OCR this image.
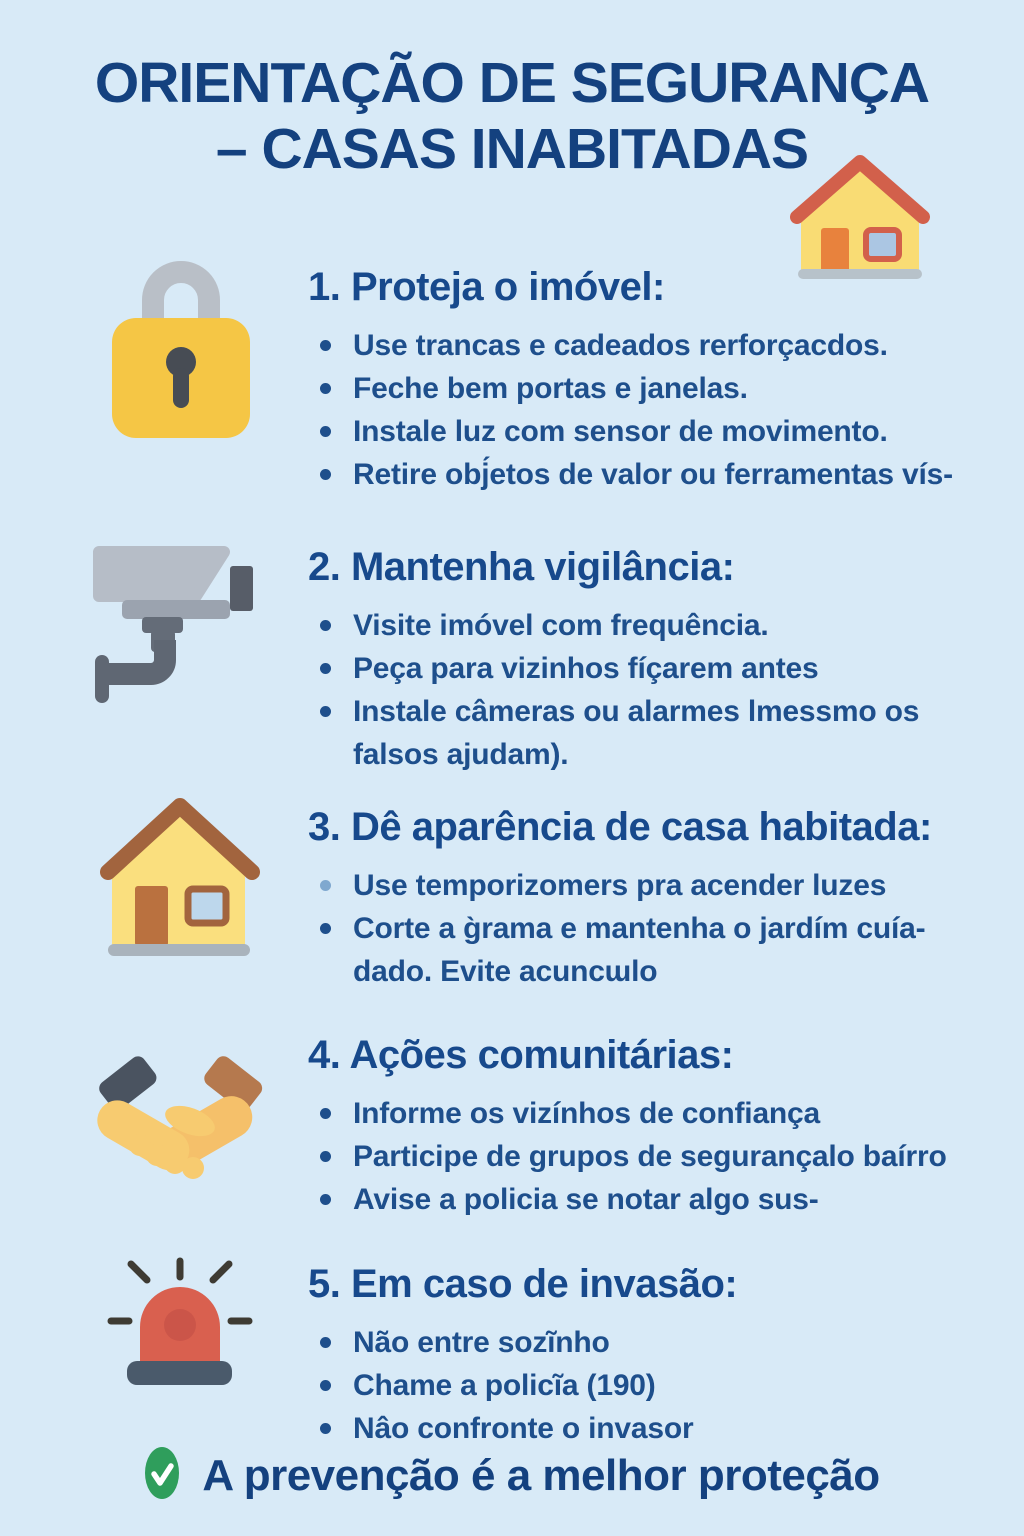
ORIENTAÇÃO DE SEGURANÇA
– CASAS INABITADAS
1. Proteja o imóvel:
Use trancas e cadeados rerforçacdos.
Feche bem portas e janelas.
Instale luz com sensor de movimento.
Retire obj́etos de valor ou ferramentas vís-
2. Mantenha vigilância:
Visite imóvel com frequência.
Peça para vizinhos fíçarem antes
Instale câmeras ou alarmes lmessmo os
falsos ajudam).
3. Dê aparência de casa habitada:
Use temporizomers pra acender luzes
Corte a g̀rama e mantenha o jardím cuía-
dado. Evite acuncɯlo
4. Ações comunitárias:
Informe os vizínhos de confiança
Participe de grupos de segurançalo baírro
Avise a policia se notar algo sus-
5. Em caso de invasão:
Não entre sozĩnho
Chame a policĩa (190)
Nâo confronte o invasor
A prevenção é a melhor proteção
